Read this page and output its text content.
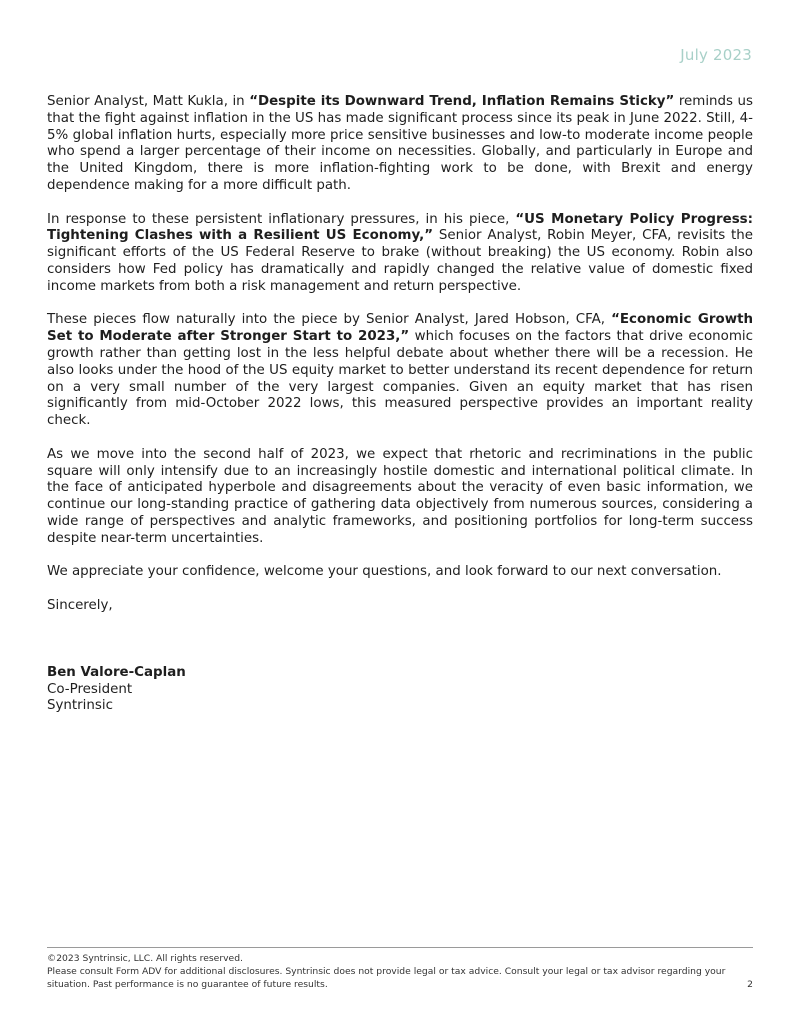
July 2023

Senior Analyst, Matt Kukla, in “Despite its Downward Trend, Inflation Remains Sticky” reminds us that the fight against inflation in the US has made significant process since its peak in June 2022. Still, 4-5% global inflation hurts, especially more price sensitive businesses and low-to moderate income people who spend a larger percentage of their income on necessities. Globally, and particularly in Europe and the United Kingdom, there is more inflation-fighting work to be done, with Brexit and energy dependence making for a more difficult path.

In response to these persistent inflationary pressures, in his piece, “US Monetary Policy Progress: Tightening Clashes with a Resilient US Economy,” Senior Analyst, Robin Meyer, CFA, revisits the significant efforts of the US Federal Reserve to brake (without breaking) the US economy. Robin also considers how Fed policy has dramatically and rapidly changed the relative value of domestic fixed income markets from both a risk management and return perspective.

These pieces flow naturally into the piece by Senior Analyst, Jared Hobson, CFA, “Economic Growth Set to Moderate after Stronger Start to 2023,” which focuses on the factors that drive economic growth rather than getting lost in the less helpful debate about whether there will be a recession. He also looks under the hood of the US equity market to better understand its recent dependence for return on a very small number of the very largest companies. Given an equity market that has risen significantly from mid-October 2022 lows, this measured perspective provides an important reality check.

As we move into the second half of 2023, we expect that rhetoric and recriminations in the public square will only intensify due to an increasingly hostile domestic and international political climate. In the face of anticipated hyperbole and disagreements about the veracity of even basic information, we continue our long-standing practice of gathering data objectively from numerous sources, considering a wide range of perspectives and analytic frameworks, and positioning portfolios for long-term success despite near-term uncertainties.

We appreciate your confidence, welcome your questions, and look forward to our next conversation.

Sincerely,

Ben Valore-Caplan
Co-President
Syntrinsic
©2023 Syntrinsic, LLC. All rights reserved.
Please consult Form ADV for additional disclosures. Syntrinsic does not provide legal or tax advice. Consult your legal or tax advisor regarding your
situation. Past performance is no guarantee of future results.	2
